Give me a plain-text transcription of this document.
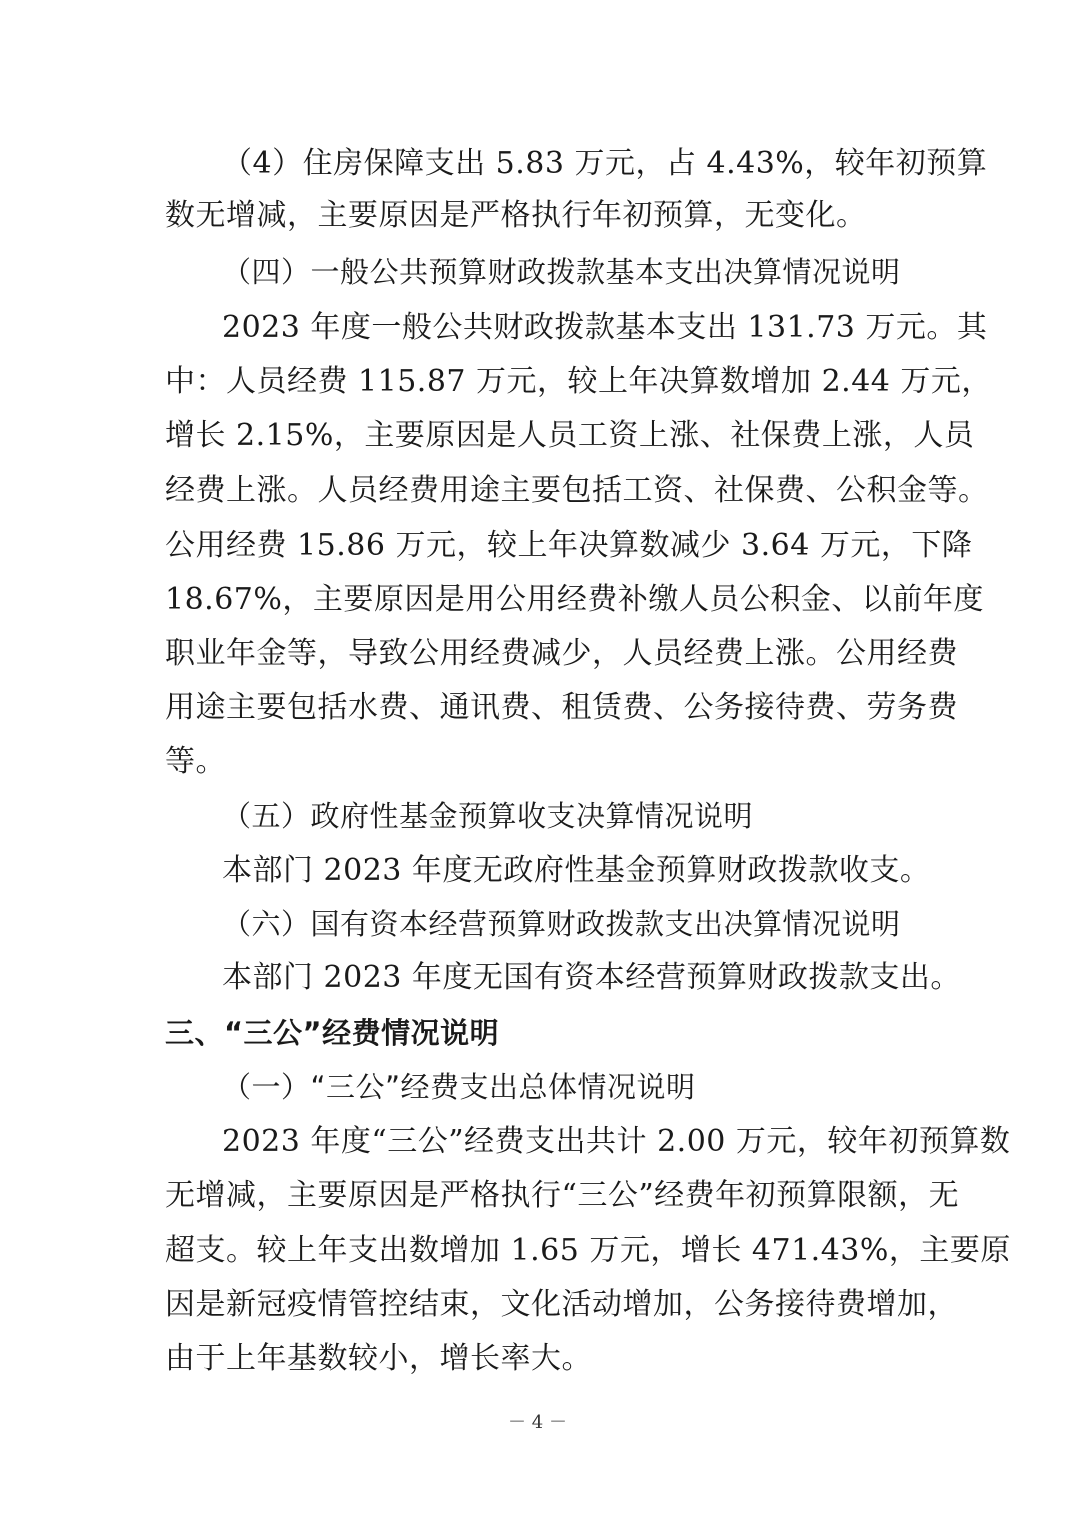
（4）住房保障支出 5.83 万元，占 4.43%，较年初预算
数无增减，主要原因是严格执行年初预算，无变化。
（四）一般公共预算财政拨款基本支出决算情况说明
2023 年度一般公共财政拨款基本支出 131.73 万元。其
中：人员经费 115.87 万元，较上年决算数增加 2.44 万元，
增长 2.15%，主要原因是人员工资上涨、社保费上涨，人员
经费上涨。人员经费用途主要包括工资、社保费、公积金等。
公用经费 15.86 万元，较上年决算数减少 3.64 万元，下降
18.67%，主要原因是用公用经费补缴人员公积金、以前年度
职业年金等，导致公用经费减少，人员经费上涨。公用经费
用途主要包括水费、通讯费、租赁费、公务接待费、劳务费
等。
（五）政府性基金预算收支决算情况说明
本部门 2023 年度无政府性基金预算财政拨款收支。
（六）国有资本经营预算财政拨款支出决算情况说明
本部门 2023 年度无国有资本经营预算财政拨款支出。
三、“三公”经费情况说明
（一）“三公”经费支出总体情况说明
2023 年度“三公”经费支出共计 2.00 万元，较年初预算数
无增减，主要原因是严格执行“三公”经费年初预算限额，无
超支。较上年支出数增加 1.65 万元，增长 471.43%，主要原
因是新冠疫情管控结束，文化活动增加，公务接待费增加，
由于上年基数较小，增长率大。
－ 4 －
